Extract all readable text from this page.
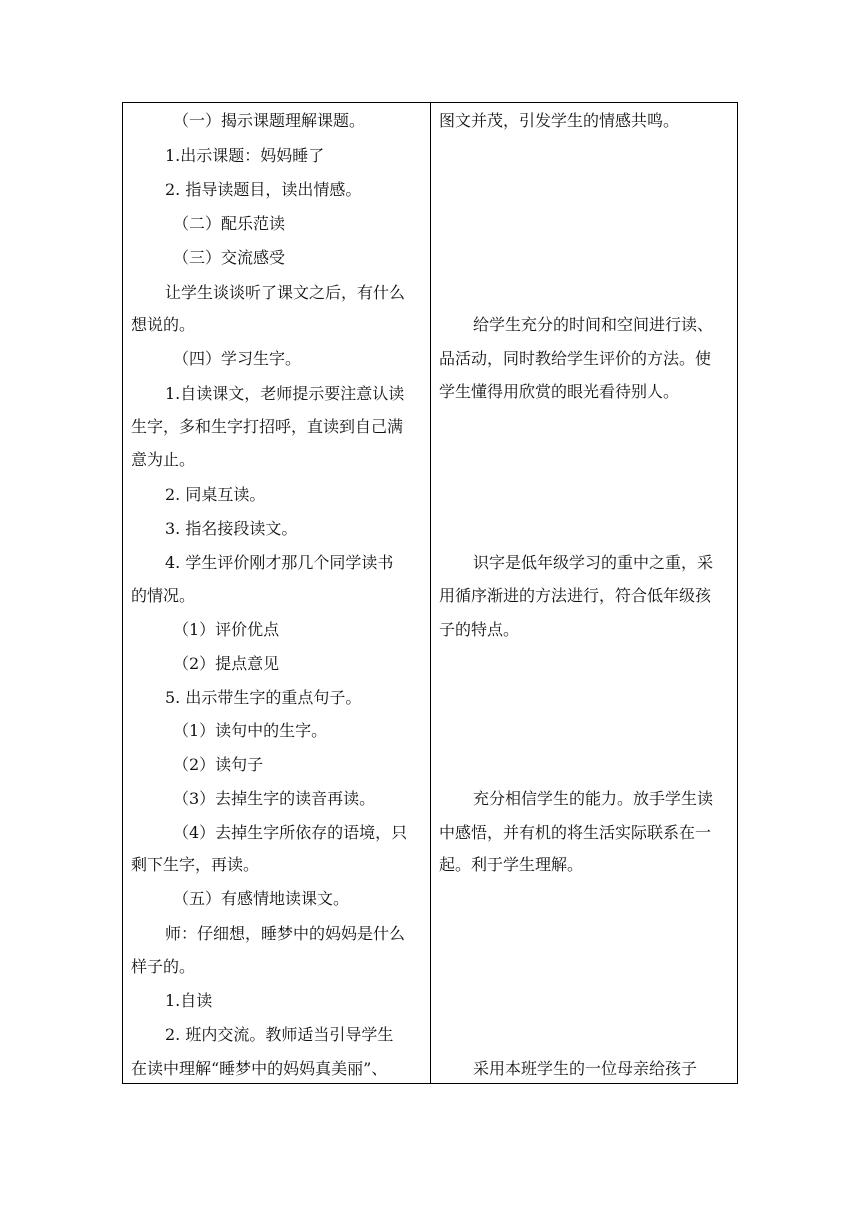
（一）揭示课题理解课题。
1.出示课题：妈妈睡了
2. 指导读题目，读出情感。
（二）配乐范读
（三）交流感受
让学生谈谈听了课文之后，有什么
想说的。
（四）学习生字。
1.自读课文，老师提示要注意认读
生字，多和生字打招呼，直读到自己满
意为止。
2. 同桌互读。
3. 指名接段读文。
4. 学生评价刚才那几个同学读书
的情况。
（1）评价优点
（2）提点意见
5. 出示带生字的重点句子。
（1）读句中的生字。
（2）读句子
（3）去掉生字的读音再读。
（4）去掉生字所依存的语境，只
剩下生字，再读。
（五）有感情地读课文。
师：仔细想，睡梦中的妈妈是什么
样子的。
1.自读
2. 班内交流。教师适当引导学生
在读中理解“睡梦中的妈妈真美丽”、
图文并茂，引发学生的情感共鸣。
给学生充分的时间和空间进行读、
品活动，同时教给学生评价的方法。使
学生懂得用欣赏的眼光看待别人。
识字是低年级学习的重中之重，采
用循序渐进的方法进行，符合低年级孩
子的特点。
充分相信学生的能力。放手学生读
中感悟，并有机的将生活实际联系在一
起。利于学生理解。
采用本班学生的一位母亲给孩子
